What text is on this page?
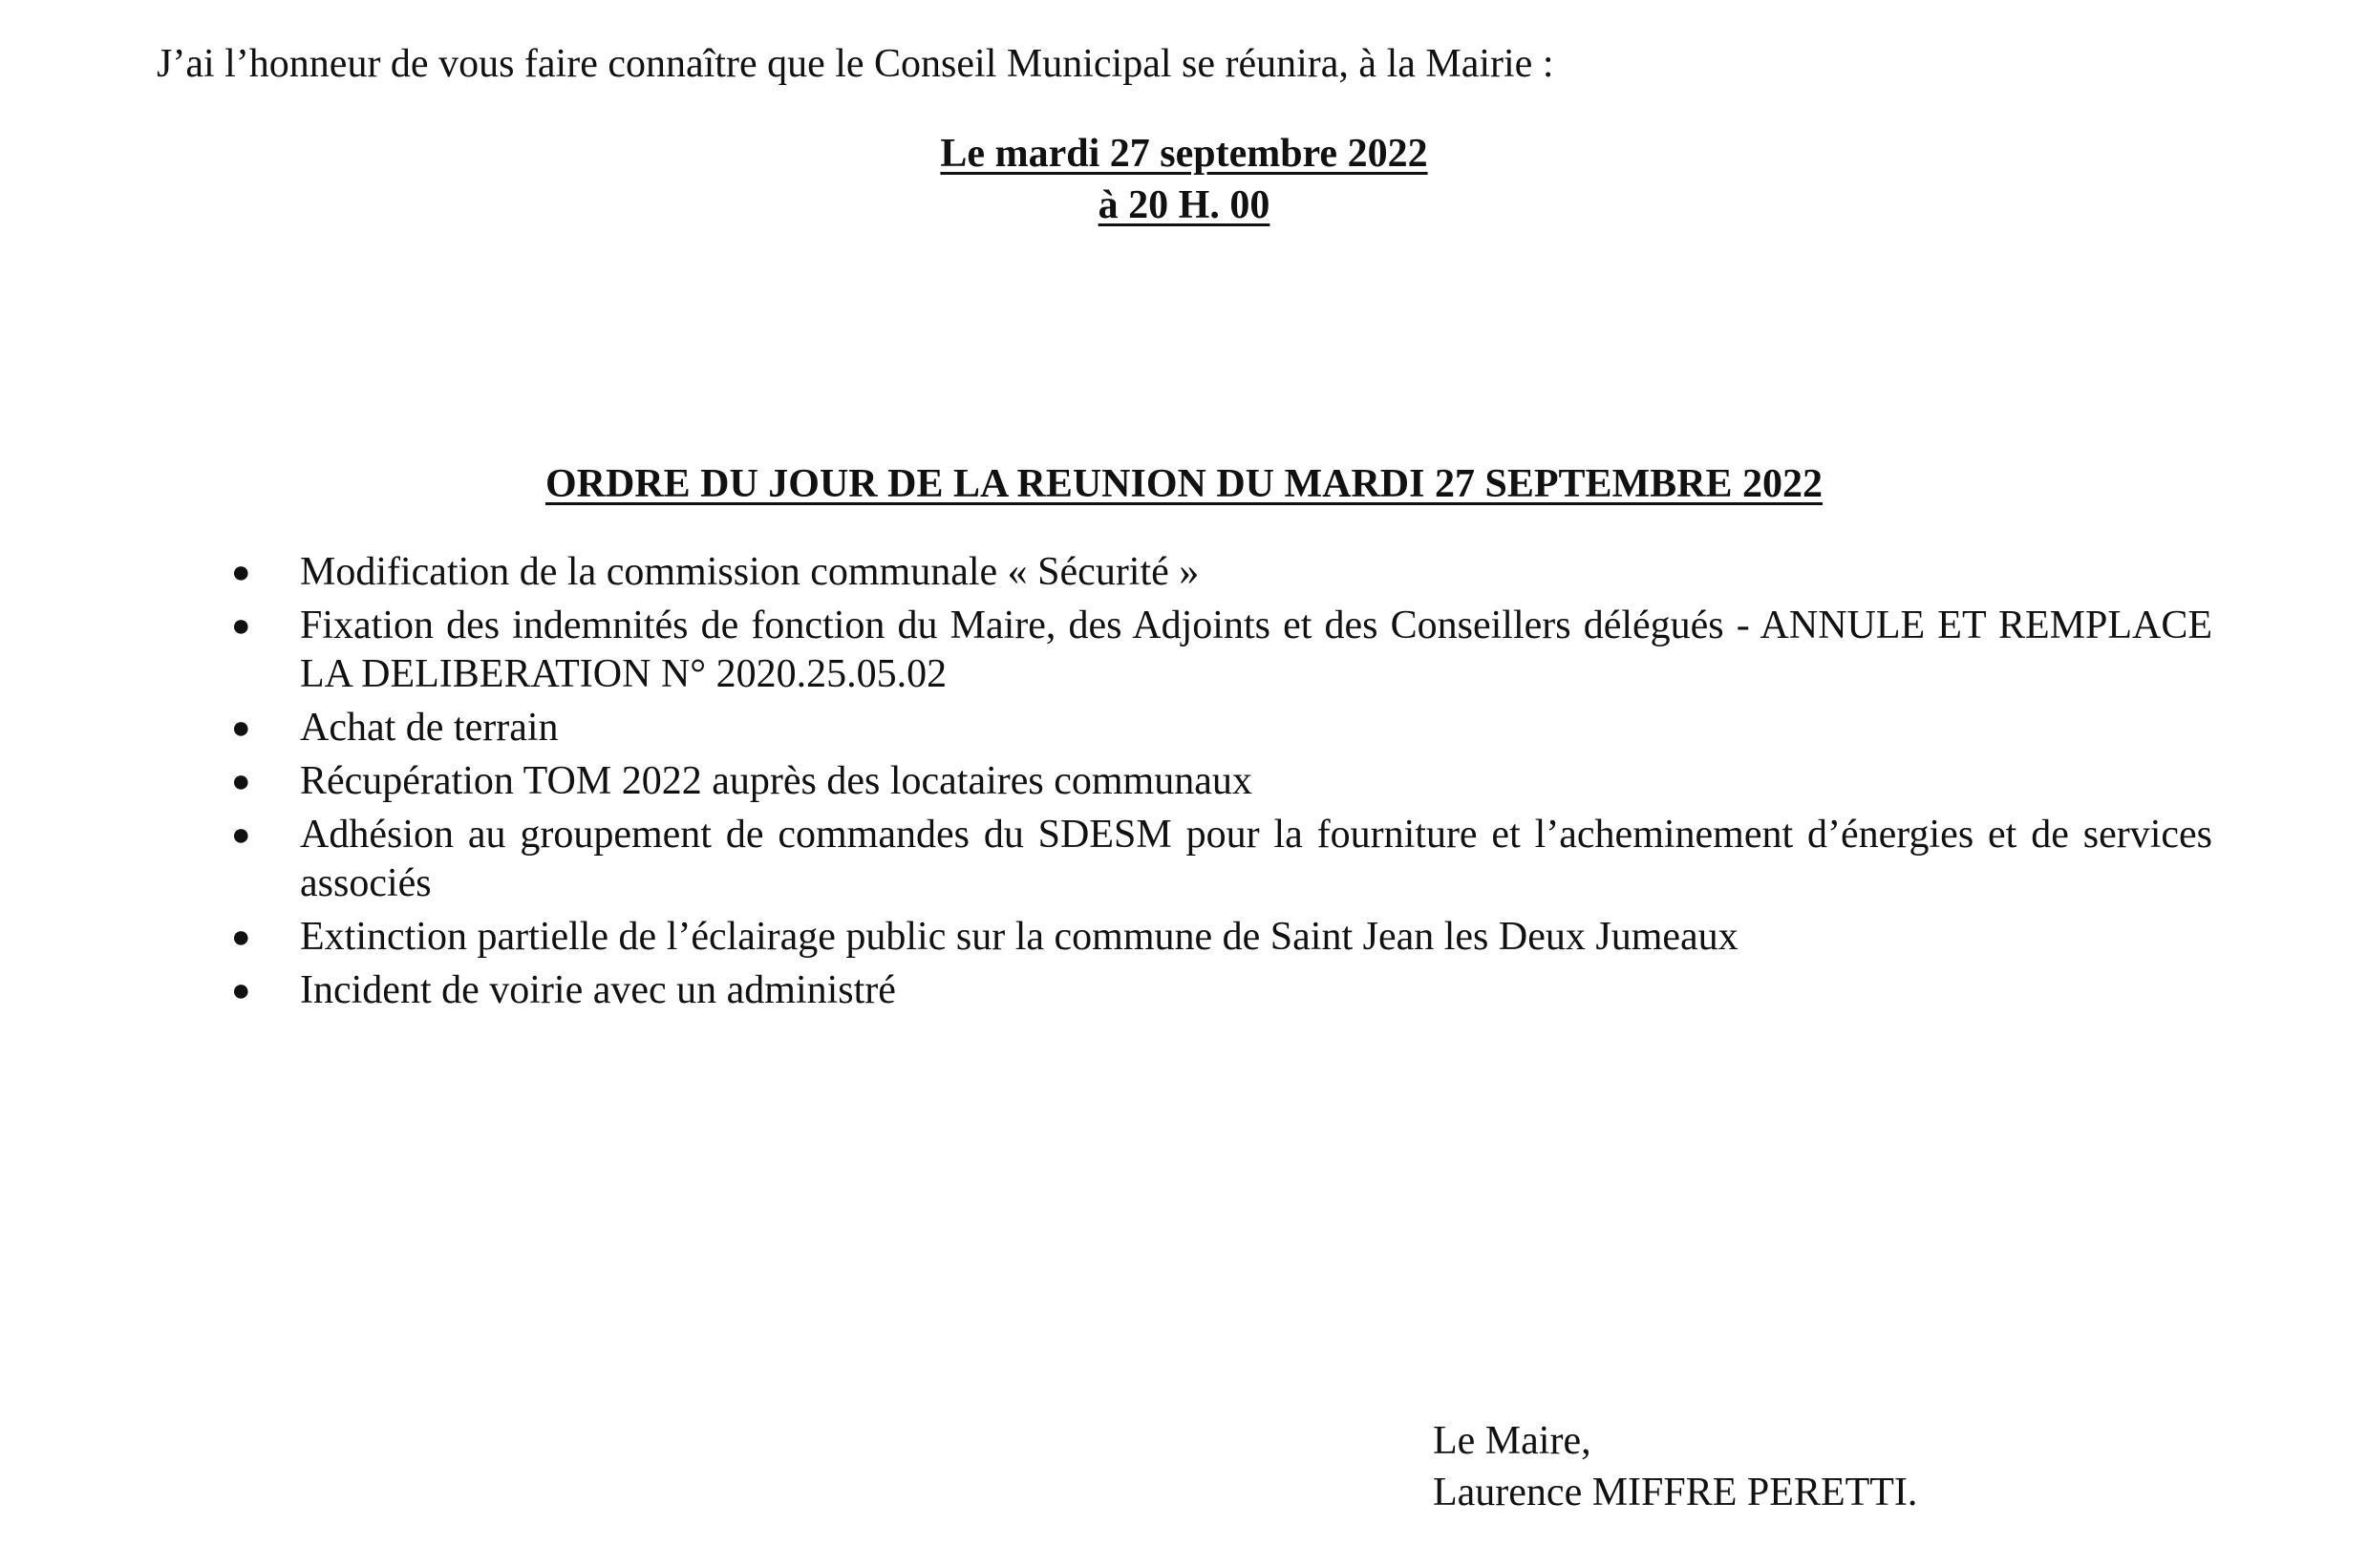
J’ai l’honneur de vous faire connaître que le Conseil Municipal se réunira, à la Mairie :
Le mardi 27 septembre 2022
à 20 H. 00
ORDRE DU JOUR DE LA REUNION DU MARDI 27 SEPTEMBRE 2022
● Modification de la commission communale « Sécurité »
● Fixation des indemnités de fonction du Maire, des Adjoints et des Conseillers délégués - ANNULE ET REMPLACE LA DELIBERATION N° 2020.25.05.02
● Achat de terrain
● Récupération TOM 2022 auprès des locataires communaux
● Adhésion au groupement de commandes du SDESM pour la fourniture et l’acheminement d’énergies et de services associés
● Extinction partielle de l’éclairage public sur la commune de Saint Jean les Deux Jumeaux
● Incident de voirie avec un administré
Le Maire,
Laurence MIFFRE PERETTI.
